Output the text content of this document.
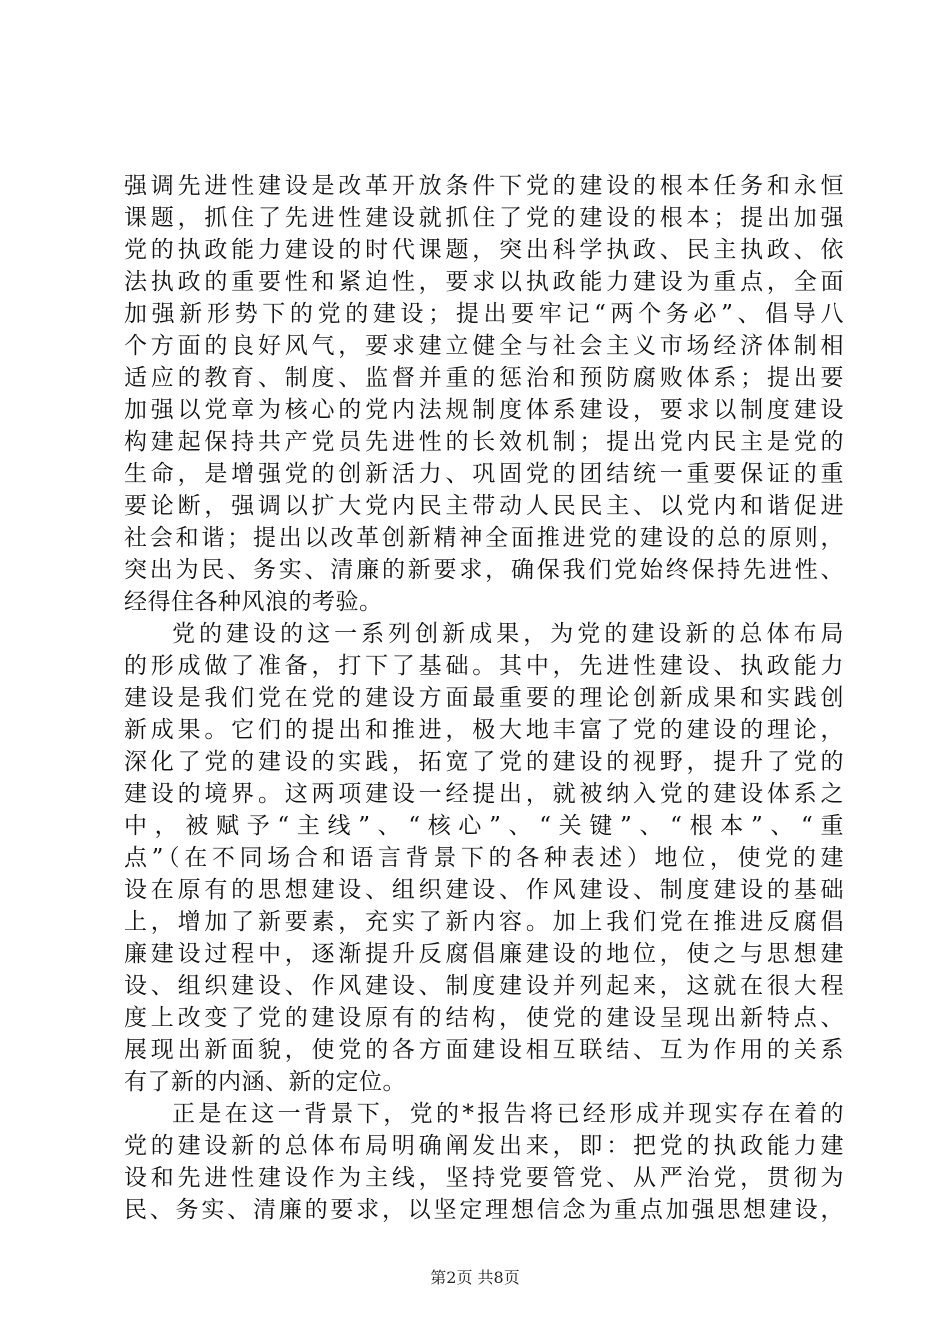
强调先进性建设是改革开放条件下党的建设的根本任务和永恒
课题，抓住了先进性建设就抓住了党的建设的根本；提出加强
党的执政能力建设的时代课题，突出科学执政、民主执政、依
法执政的重要性和紧迫性，要求以执政能力建设为重点，全面
加强新形势下的党的建设；提出要牢记“两个务必”、倡导八
个方面的良好风气，要求建立健全与社会主义市场经济体制相
适应的教育、制度、监督并重的惩治和预防腐败体系；提出要
加强以党章为核心的党内法规制度体系建设，要求以制度建设
构建起保持共产党员先进性的长效机制；提出党内民主是党的
生命，是增强党的创新活力、巩固党的团结统一重要保证的重
要论断，强调以扩大党内民主带动人民民主、以党内和谐促进
社会和谐；提出以改革创新精神全面推进党的建设的总的原则，
突出为民、务实、清廉的新要求，确保我们党始终保持先进性、
经得住各种风浪的考验。
党的建设的这一系列创新成果，为党的建设新的总体布局
的形成做了准备，打下了基础。其中，先进性建设、执政能力
建设是我们党在党的建设方面最重要的理论创新成果和实践创
新成果。它们的提出和推进，极大地丰富了党的建设的理论，
深化了党的建设的实践，拓宽了党的建设的视野，提升了党的
建设的境界。这两项建设一经提出，就被纳入党的建设体系之
中，被赋予“主线”、“核心”、“关键”、“根本”、“重
点”（在不同场合和语言背景下的各种表述）地位，使党的建
设在原有的思想建设、组织建设、作风建设、制度建设的基础
上，增加了新要素，充实了新内容。加上我们党在推进反腐倡
廉建设过程中，逐渐提升反腐倡廉建设的地位，使之与思想建
设、组织建设、作风建设、制度建设并列起来，这就在很大程
度上改变了党的建设原有的结构，使党的建设呈现出新特点、
展现出新面貌，使党的各方面建设相互联结、互为作用的关系
有了新的内涵、新的定位。
正是在这一背景下，党的*报告将已经形成并现实存在着的
党的建设新的总体布局明确阐发出来，即：把党的执政能力建
设和先进性建设作为主线，坚持党要管党、从严治党，贯彻为
民、务实、清廉的要求，以坚定理想信念为重点加强思想建设，
第2页 共8页
